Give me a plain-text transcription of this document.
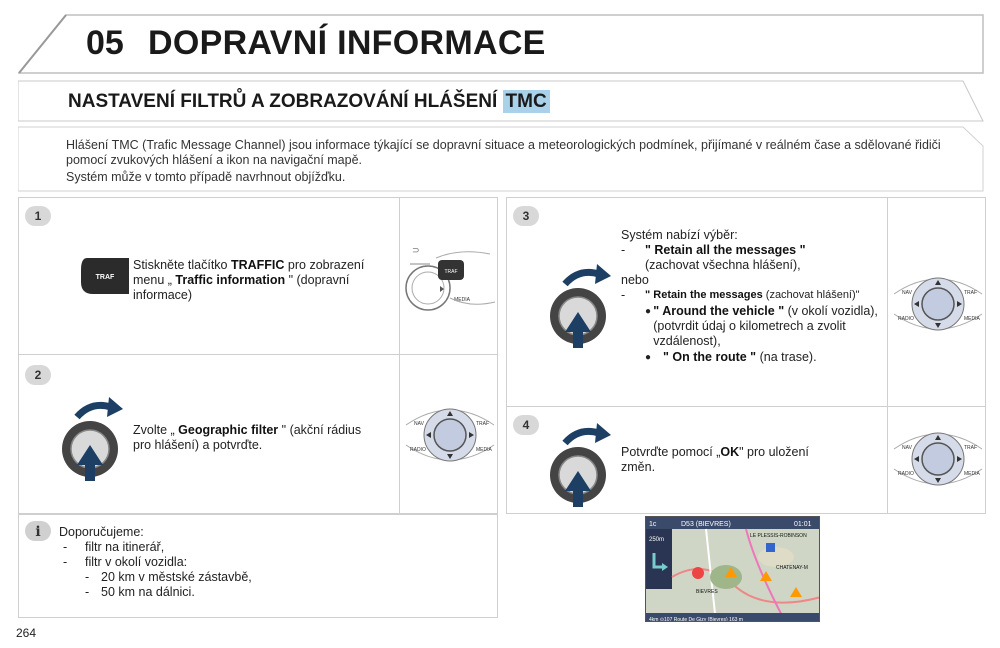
05 DOPRAVNÍ INFORMACE
NASTAVENÍ FILTRŮ A ZOBRAZOVÁNÍ HLÁŠENÍ TMC

Hlášení TMC (Trafic Message Channel) jsou informace týkající se dopravní situace a meteorologických podmínek, přijímané v reálném čase a sdělované řidiči pomocí zvukových hlášení a ikon na navigační mapě.

Systém může v tomto případě navrhnout objížďku.

1
TRAF
Stiskněte tlačítko TRAFFIC pro zobrazení menu „ Traffic information " (dopravní informace)
⊃
TRAF
MEDIA
2
Zvolte „ Geographic filter " (akční rádius pro hlášení) a potvrďte.
NAV	TRAF
RADIO	MEDIA
3
Systém nabízí výběr:
-	" Retain all the messages "
(zachovat všechna hlášení),
nebo
-	" Retain the messages (zachovat hlášení)"
● " Around the vehicle " (v okolí vozidla), (potvrdit údaj o kilometrech a zvolit vzdálenost),
● " On the route " (na trase).
NAV	TRAF
RADIO	MEDIA
4
Potvrďte pomocí „OK" pro uložení změn.
NAV	TRAF
RADIO	MEDIA
i Doporučujeme:
-	filtr na itinerář,
-	filtr v okolí vozidla:
- 20 km v městské zástavbě,
- 50 km na dálnici.
1c	D53 (BIEVRES)	01:01
250m
LE PLESSIS-ROBINSON
CHATENAY-M
BIEVRES
4km ⊙107 Route De Gizy (Bievres) 163 m
264
